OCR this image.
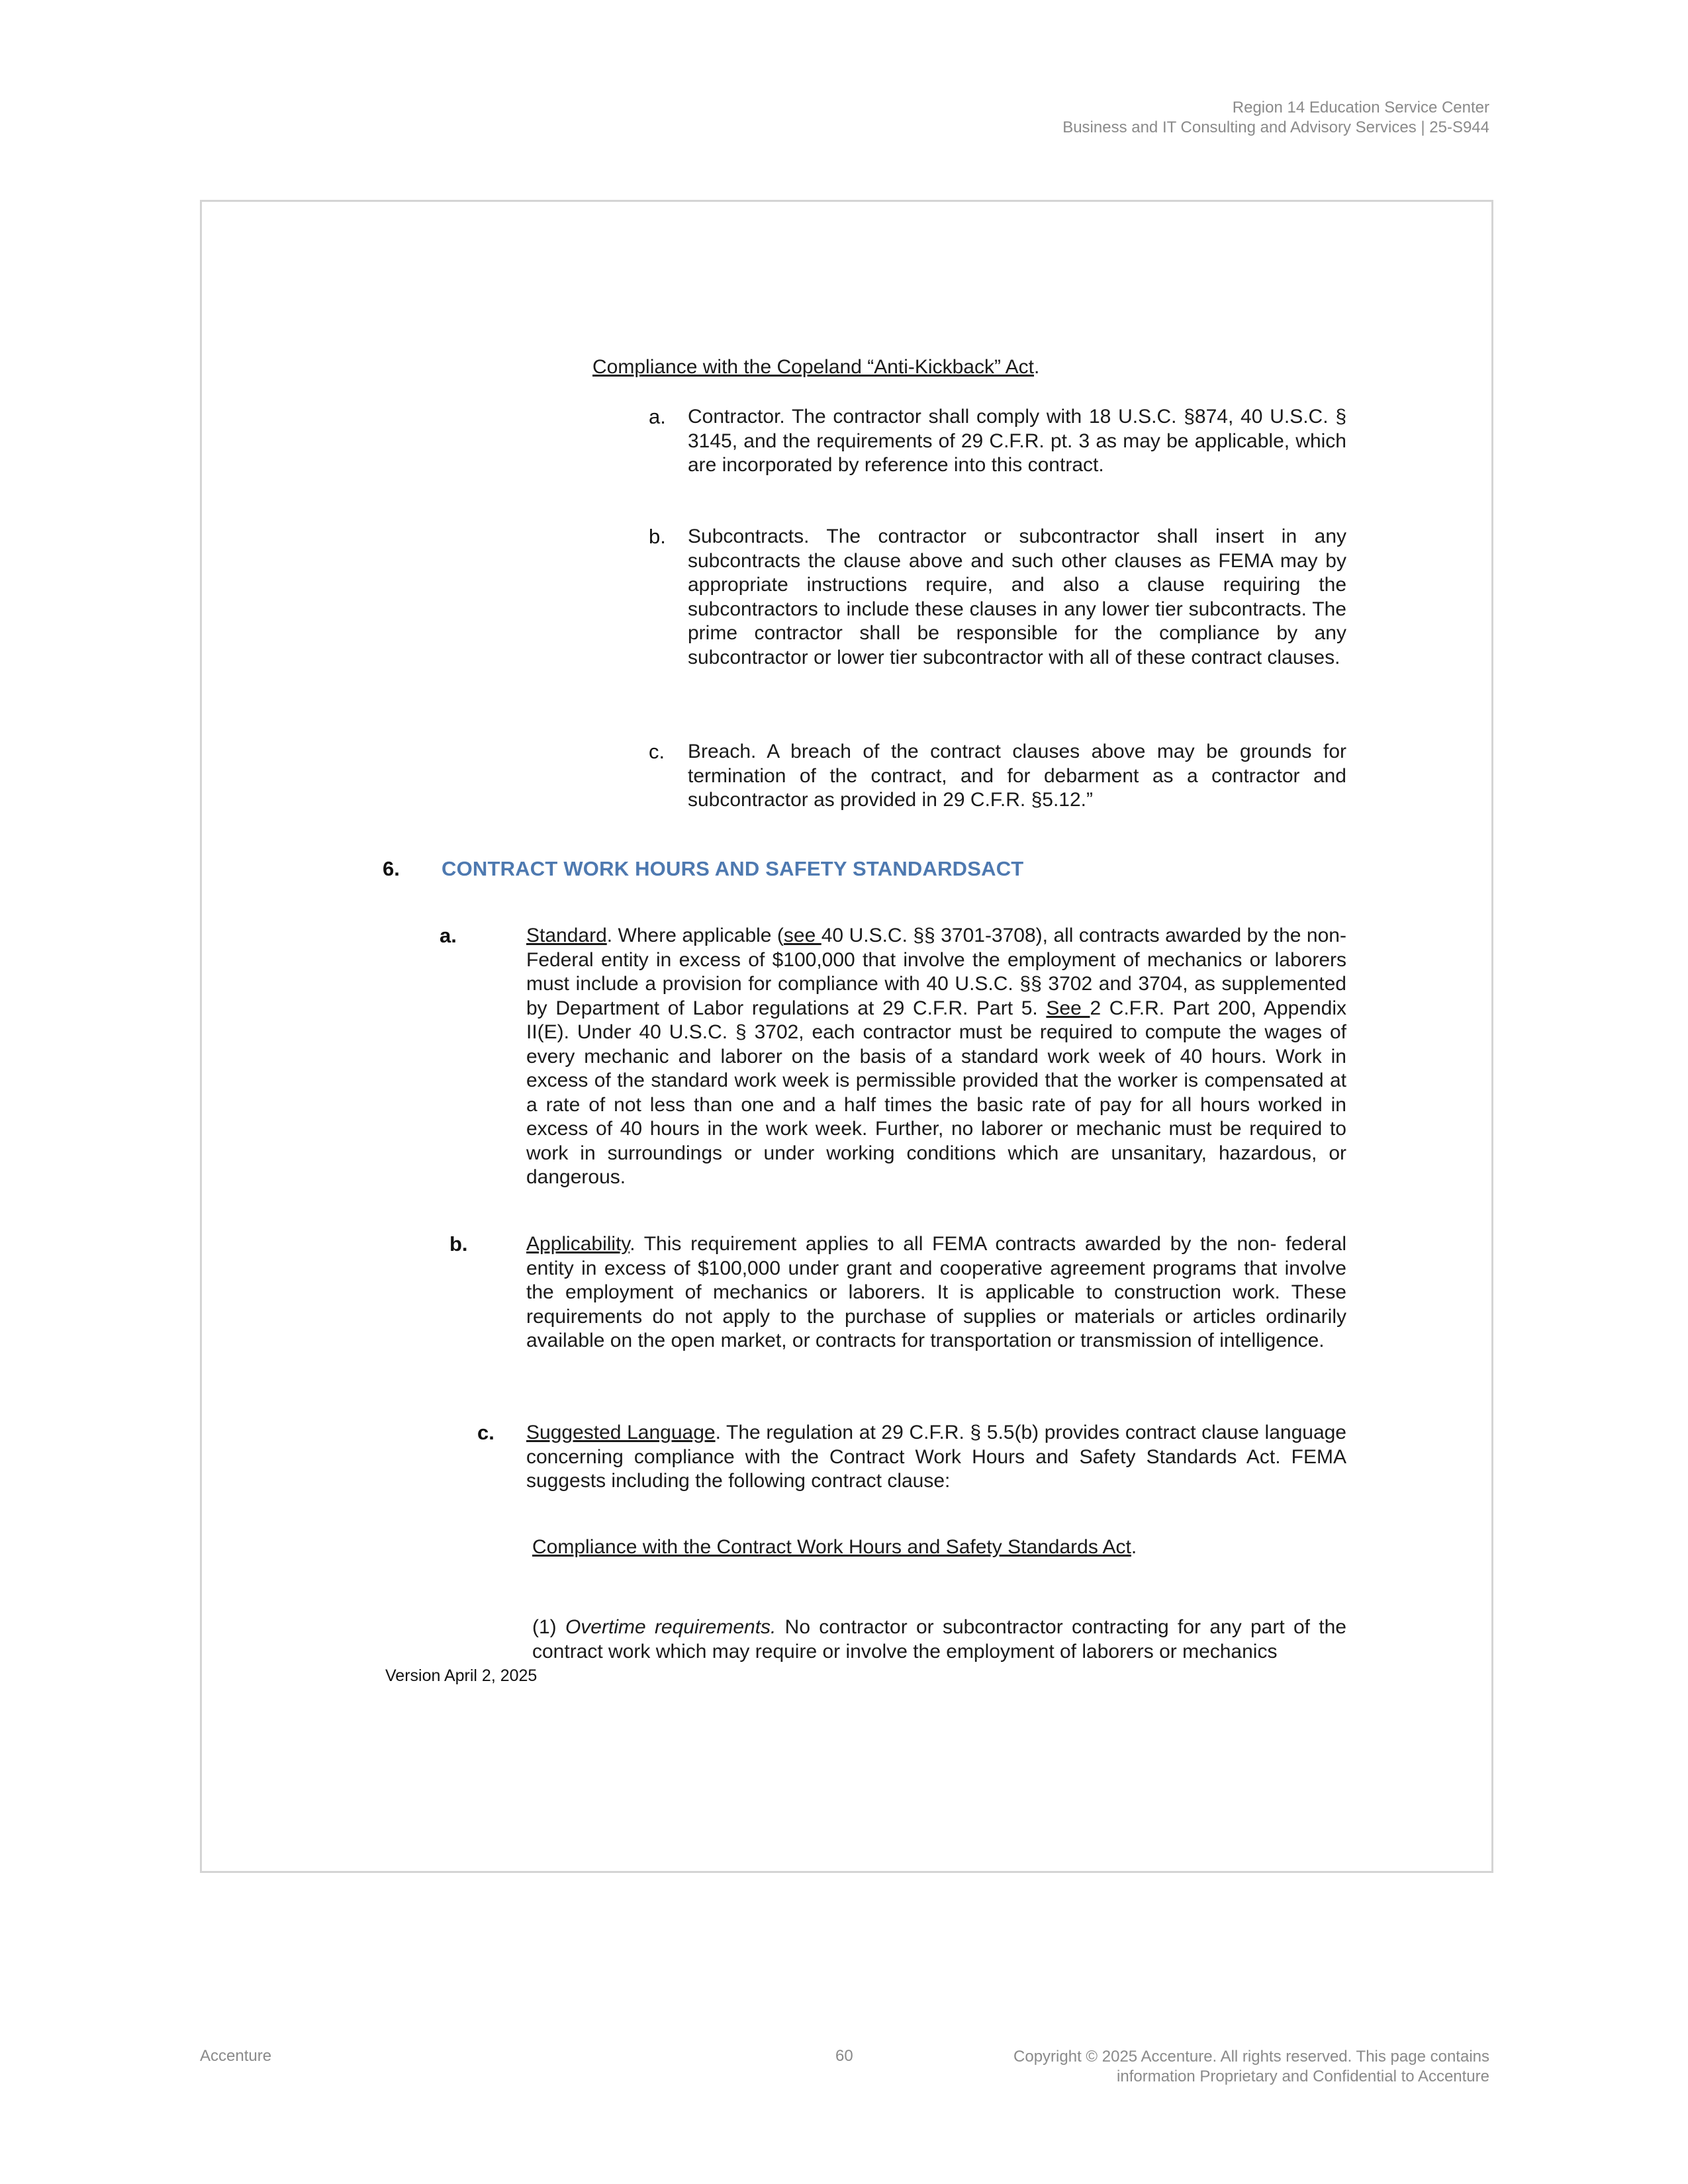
Region 14 Education Service Center
Business and IT Consulting and Advisory Services | 25-S944
Compliance with the Copeland “Anti-Kickback” Act.
a. Contractor. The contractor shall comply with 18 U.S.C. §874, 40 U.S.C. § 3145, and the requirements of 29 C.F.R. pt. 3 as may be applicable, which are incorporated by reference into this contract.

b. Subcontracts. The contractor or subcontractor shall insert in any subcontracts the clause above and such other clauses as FEMA may by appropriate instructions require, and also a clause requiring the subcontractors to include these clauses in any lower tier subcontracts. The prime contractor shall be responsible for the compliance by any subcontractor or lower tier subcontractor with all of these contract clauses.

c. Breach. A breach of the contract clauses above may be grounds for termination of the contract, and for debarment as a contractor and subcontractor as provided in 29 C.F.R. §5.12.”

6. CONTRACT WORK HOURS AND SAFETY STANDARDSACT
a.	Standard. Where applicable (see 40 U.S.C. §§ 3701-3708), all contracts awarded by the non-Federal entity in excess of $100,000 that involve the employment of mechanics or laborers must include a provision for compliance with 40 U.S.C. §§ 3702 and 3704, as supplemented by Department of Labor regulations at 29 C.F.R. Part 5. See 2 C.F.R. Part 200, Appendix II(E). Under 40 U.S.C. § 3702, each contractor must be required to compute the wages of every mechanic and laborer on the basis of a standard work week of 40 hours. Work in excess of the standard work week is permissible provided that the worker is compensated at a rate of not less than one and a half times the basic rate of pay for all hours worked in excess of 40 hours in the work week. Further, no laborer or mechanic must be required to work in surroundings or under working conditions which are unsanitary, hazardous, or dangerous.

b.	Applicability. This requirement applies to all FEMA contracts awarded by the non- federal entity in excess of $100,000 under grant and cooperative agreement programs that involve the employment of mechanics or laborers. It is applicable to construction work. These requirements do not apply to the purchase of supplies or materials or articles ordinarily available on the open market, or contracts for transportation or transmission of intelligence.

c. Suggested Language. The regulation at 29 C.F.R. § 5.5(b) provides contract clause language concerning compliance with the Contract Work Hours and Safety Standards Act. FEMA suggests including the following contract clause:

Compliance with the Contract Work Hours and Safety Standards Act.

(1) Overtime requirements. No contractor or subcontractor contracting for any part of the contract work which may require or involve the employment of laborers or mechanics

Version April 2, 2025
Accenture	60	Copyright © 2025 Accenture. All rights reserved. This page contains
information Proprietary and Confidential to Accenture
